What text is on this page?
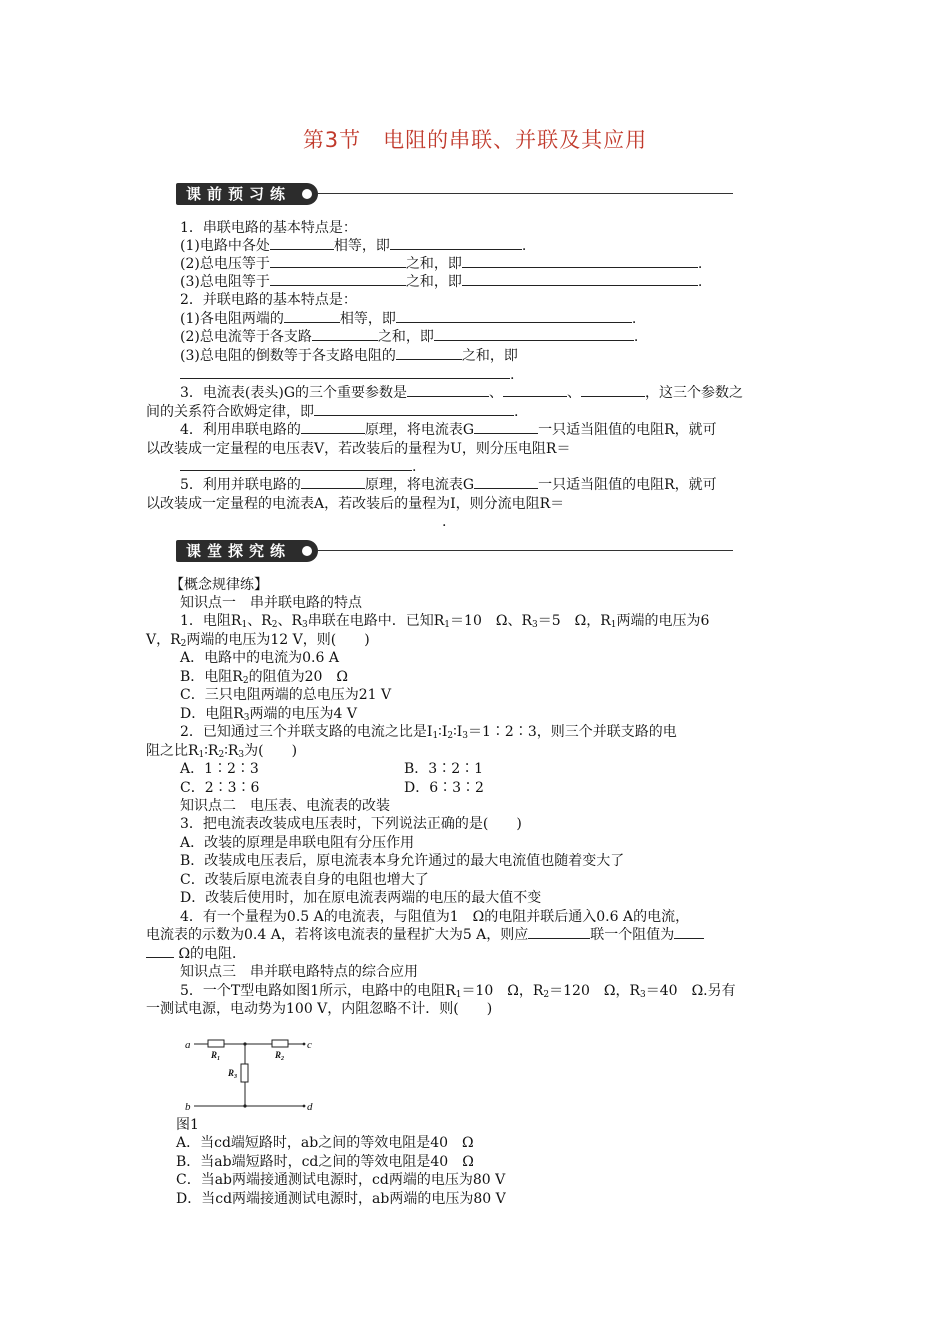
第3节　电阻的串联、并联及其应用
课前预习练
1．串联电路的基本特点是：
(1)电路中各处	相等，即	.
(2)总电压等于	之和，即	.
(3)总电阻等于	之和，即	.
2．并联电路的基本特点是：
(1)各电阻两端的	相等，即	.
(2)总电流等于各支路	之和，即	.
(3)总电阻的倒数等于各支路电阻的	之和，即
.
3．电流表(表头)G的三个重要参数是	、	、	，这三个参数之
间的关系符合欧姆定律，即	.
4．利用串联电路的	原理，将电流表G	一只适当阻值的电阻R，就可
以改装成一定量程的电压表V，若改装后的量程为U，则分压电阻R＝
.
5．利用并联电路的	原理，将电流表G	一只适当阻值的电阻R，就可
以改装成一定量程的电流表A，若改装后的量程为I，则分流电阻R＝
.
课堂探究练
【概念规律练】
知识点一　串并联电路的特点
1．电阻$R_1$、$R_2$、$R_3$串联在电路中．已知$R_1=10$　Ω、$R_3=5$　Ω，$R_1$两端的电压为6
V，$R_2$两端的电压为12 V，则(　　)
A．电路中的电流为0.6 A
B．电阻$R_2$的阻值为20　Ω
C．三只电阻两端的总电压为21 V
D．电阻$R_3$两端的电压为4 V
2．已知通过三个并联支路的电流之比是$I_1∶I_2∶I_3=1∶2∶3$，则三个并联支路的电
阻之比$R_1∶R_2∶R_3$为(　　)
A．1∶2∶3	B．3∶2∶1
C．2∶3∶6	D．6∶3∶2
知识点二　电压表、电流表的改装
3．把电流表改装成电压表时，下列说法正确的是(　　)
A．改装的原理是串联电阻有分压作用
B．改装成电压表后，原电流表本身允许通过的最大电流值也随着变大了
C．改装后原电流表自身的电阻也增大了
D．改装后使用时，加在原电流表两端的电压的最大值不变
4．有一个量程为0.5 A的电流表，与阻值为1　Ω的电阻并联后通入0.6 A的电流，
电流表的示数为0.4 A，若将该电流表的量程扩大为5 A，则应	联一个阻值为
Ω的电阻．
知识点三　串并联电路特点的综合应用
5．一个T型电路如图1所示，电路中的电阻$R_1=10$　Ω，$R_2=120$　Ω，$R_3=40$　Ω.另有
一测试电源，电动势为100 V，内阻忽略不计．则(　　)
a	c
b	d
$R_1$	$R_2$
$R_3$
图1
A．当cd端短路时，ab之间的等效电阻是40　Ω
B．当ab端短路时，cd之间的等效电阻是40　Ω
C．当ab两端接通测试电源时，cd两端的电压为80 V
D．当cd两端接通测试电源时，ab两端的电压为80 V
